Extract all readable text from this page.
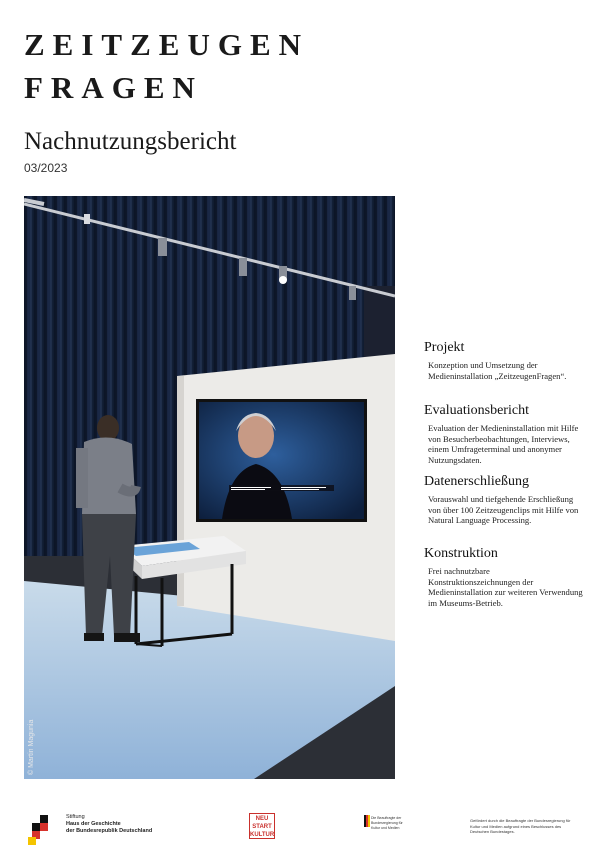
ZEITZEUGEN
FRAGEN
Nachnutzungsbericht
03/2023
© Martin Magunia
Projekt

Konzeption und Umsetzung der Medieninstallation „ZeitzeugenFragen“.

Evaluationsbericht

Evaluation der Medieninstallation mit Hilfe von Besucherbeobachtungen, Interviews, einem Umfrageterminal und anonymer Nutzungsdaten.

Datenerschließung

Vorauswahl und tiefgehende Erschließung von über 100 Zeitzeugenclips mit Hilfe von Natural Language Processing.

Konstruktion

Frei nachnutzbare Konstruktionszeichnungen der Medieninstallation zur weiteren Verwendung im Museums-Betrieb.

Stiftung
Haus der Geschichte
der Bundesrepublik Deutschland
NEU
START
KULTUR
Die Beauftragte der Bundesregierung für Kultur und Medien
Gefördert durch die Beauftragte der Bundesregierung für Kultur und Medien aufgrund eines Beschlusses des Deutschen Bundestages.
